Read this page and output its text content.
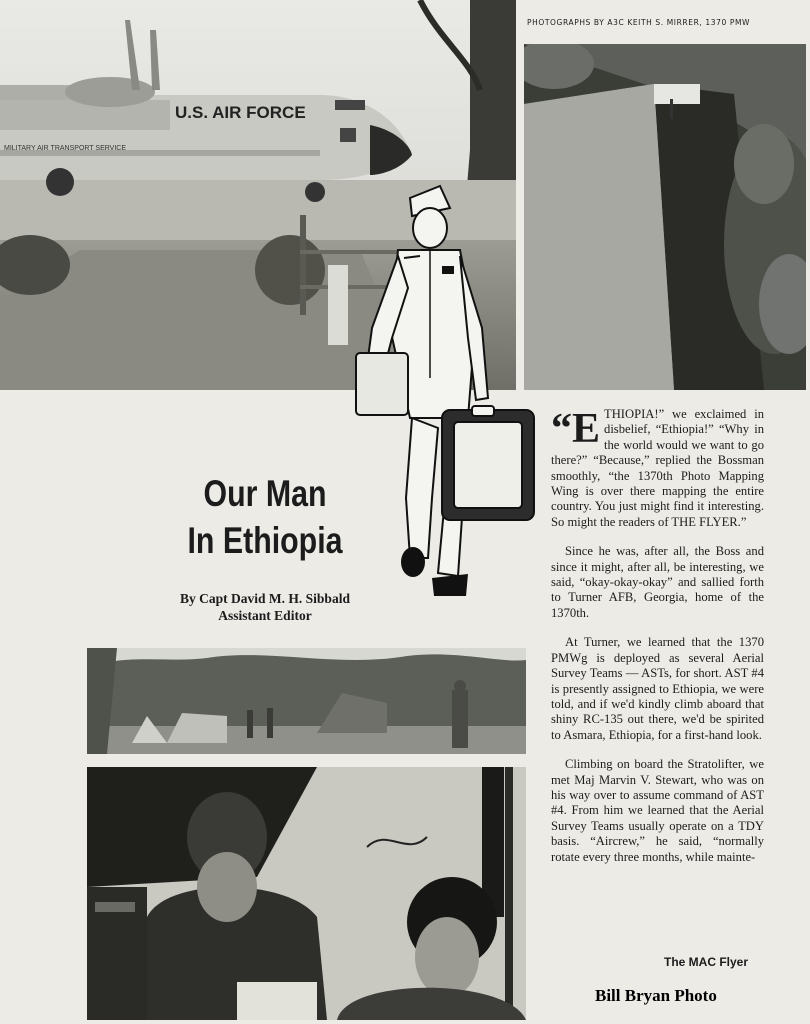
U.S. AIR FORCE
MILITARY AIR TRANSPORT SERVICE
PHOTOGRAPHS BY A3C KEITH S. MIRRER, 1370 PMW
Our Man
In Ethiopia
By Capt David M. H. Sibbald
Assistant Editor

“E THIOPIA!” we exclaimed in disbelief, “Ethiopia!” “Why in the world would we want to go there?” “Because,” replied the Bossman smoothly, “the 1370th Photo Mapping Wing is over there mapping the entire country. You just might find it interesting. So might the readers of THE FLYER.”

Since he was, after all, the Boss and since it might, after all, be interesting, we said, “okay-okay-okay” and sallied forth to Turner AFB, Georgia, home of the 1370th.

At Turner, we learned that the 1370 PMWg is deployed as several Aerial Survey Teams — ASTs, for short. AST #4 is presently assigned to Ethiopia, we were told, and if we'd kindly climb aboard that shiny RC-135 out there, we'd be spirited to Asmara, Ethiopia, for a first-hand look.

Climbing on board the Stratolifter, we met Maj Marvin V. Stewart, who was on his way over to assume command of AST #4. From him we learned that the Aerial Survey Teams usually operate on a TDY basis. “Aircrew,” he said, “normally rotate every three months, while mainte-

The MAC Flyer
Bill Bryan Photo
